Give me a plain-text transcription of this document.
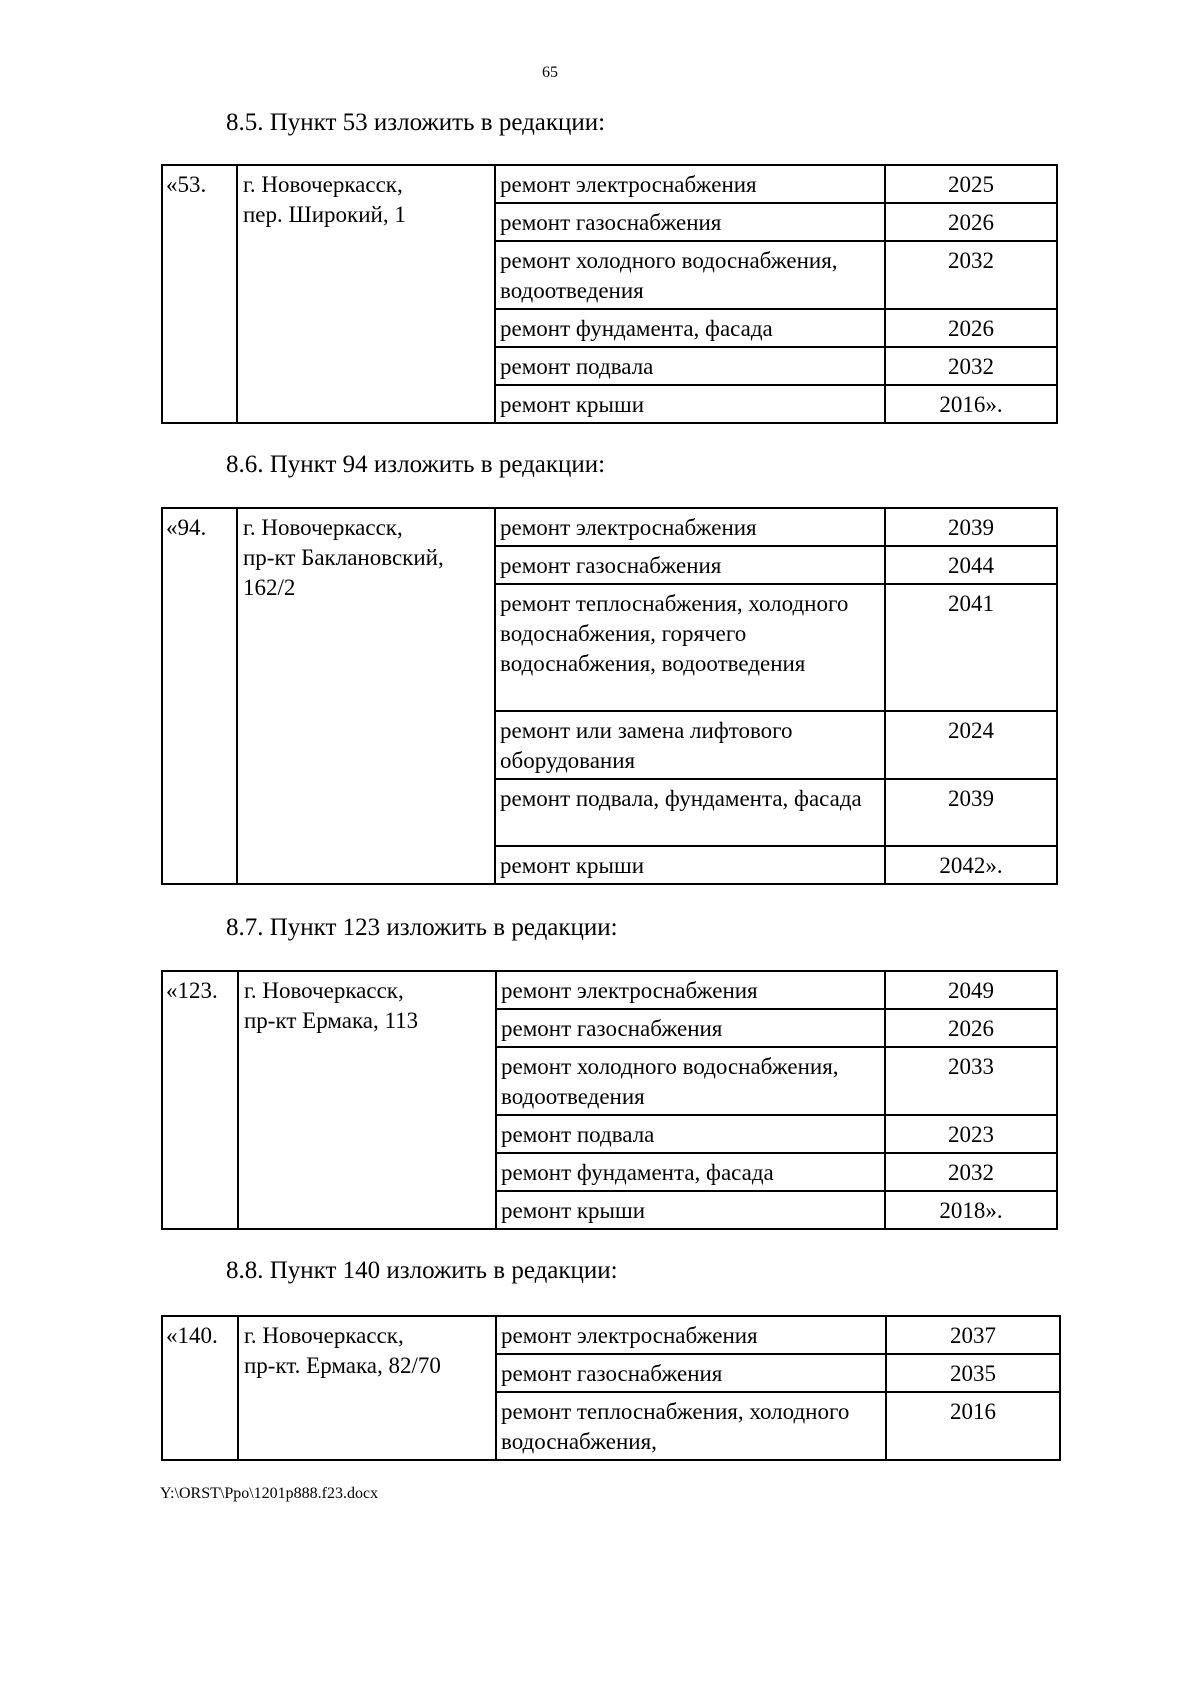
65
8.5. Пункт 53 изложить в редакции:
«53.	г. Новочеркасск,
пер. Широкий, 1	ремонт электроснабжения	2025
		ремонт газоснабжения	2026
		ремонт холодного водоснабжения, водоотведения	2032
		ремонт фундамента, фасада	2026
		ремонт подвала	2032
		ремонт крыши	2016».
8.6. Пункт 94 изложить в редакции:
«94.	г. Новочеркасск,
пр-кт Баклановский,
162/2	ремонт электроснабжения	2039
		ремонт газоснабжения	2044
		ремонт теплоснабжения, холодного водоснабжения, горячего водоснабжения, водоотведения	2041
		ремонт или замена лифтового оборудования	2024
		ремонт подвала, фундамента, фасада	2039
		ремонт крыши	2042».
8.7. Пункт 123 изложить в редакции:
«123.	г. Новочеркасск,
пр-кт Ермака, 113	ремонт электроснабжения	2049
		ремонт газоснабжения	2026
		ремонт холодного водоснабжения, водоотведения	2033
		ремонт подвала	2023
		ремонт фундамента, фасада	2032
		ремонт крыши	2018».
8.8. Пункт 140 изложить в редакции:
«140.	г. Новочеркасск,
пр-кт. Ермака, 82/70	ремонт электроснабжения	2037
		ремонт газоснабжения	2035
		ремонт теплоснабжения, холодного водоснабжения,	2016
Y:\ORST\Ppo\1201p888.f23.docx
